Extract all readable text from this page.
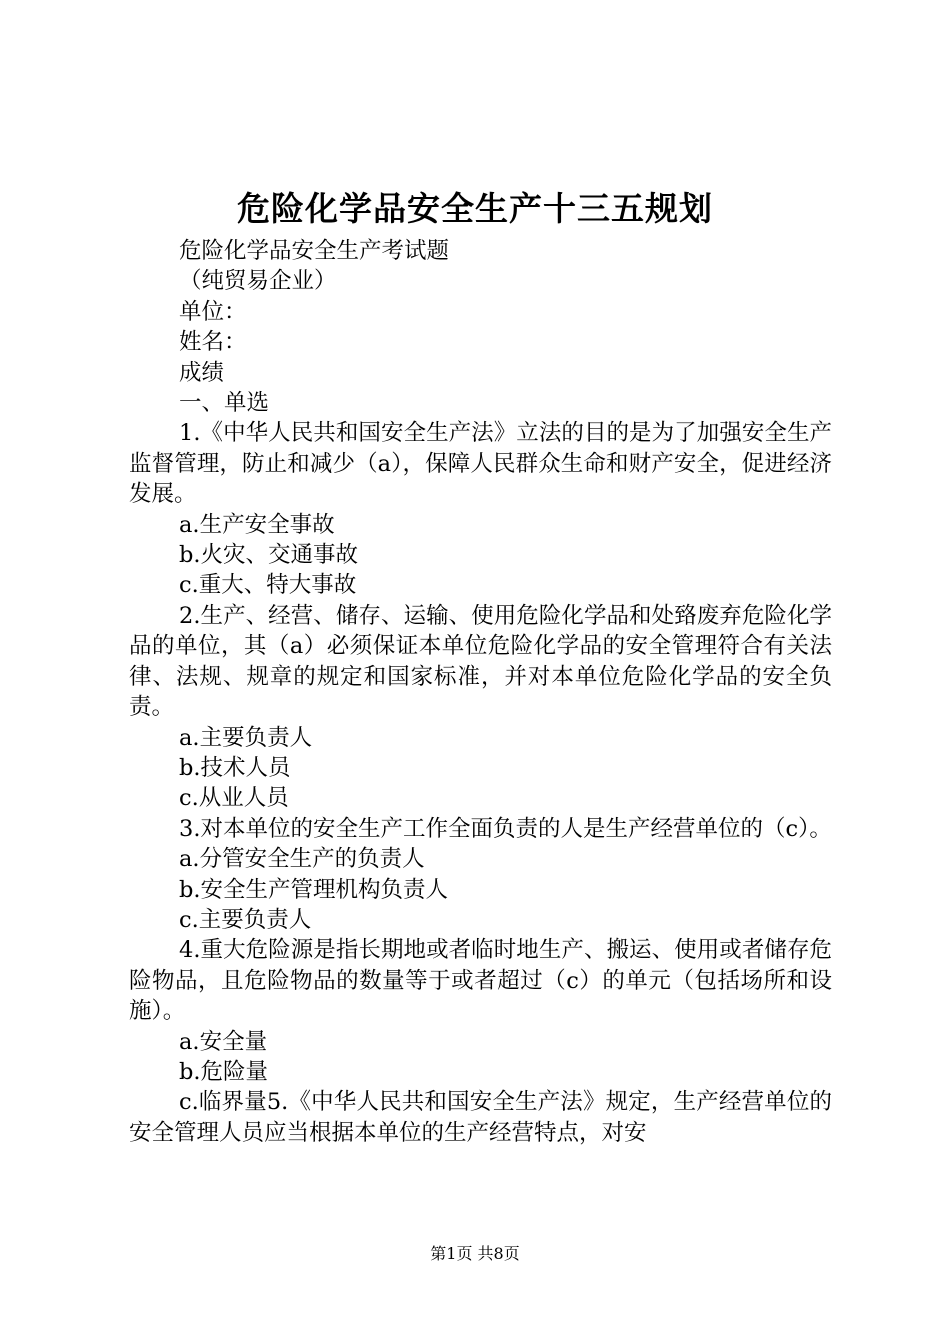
危险化学品安全生产十三五规划

危险化学品安全生产考试题

（纯贸易企业）

单位：

姓名：

成绩

一、单选

1.《中华人民共和国安全生产法》立法的目的是为了加强安全生产监督管理，防止和减少（a），保障人民群众生命和财产安全，促进经济发展。

a.生产安全事故

b.火灾、交通事故

c.重大、特大事故

2.生产、经营、储存、运输、使用危险化学品和处臵废弃危险化学品的单位，其（a）必须保证本单位危险化学品的安全管理符合有关法律、法规、规章的规定和国家标准，并对本单位危险化学品的安全负责。

a.主要负责人

b.技术人员

c.从业人员

3.对本单位的安全生产工作全面负责的人是生产经营单位的（c）。

a.分管安全生产的负责人

b.安全生产管理机构负责人

c.主要负责人

4.重大危险源是指长期地或者临时地生产、搬运、使用或者储存危险物品，且危险物品的数量等于或者超过（c）的单元（包括场所和设施）。

a.安全量

b.危险量

c.临界量5.《中华人民共和国安全生产法》规定，生产经营单位的安全管理人员应当根据本单位的生产经营特点，对安

第1页 共8页
